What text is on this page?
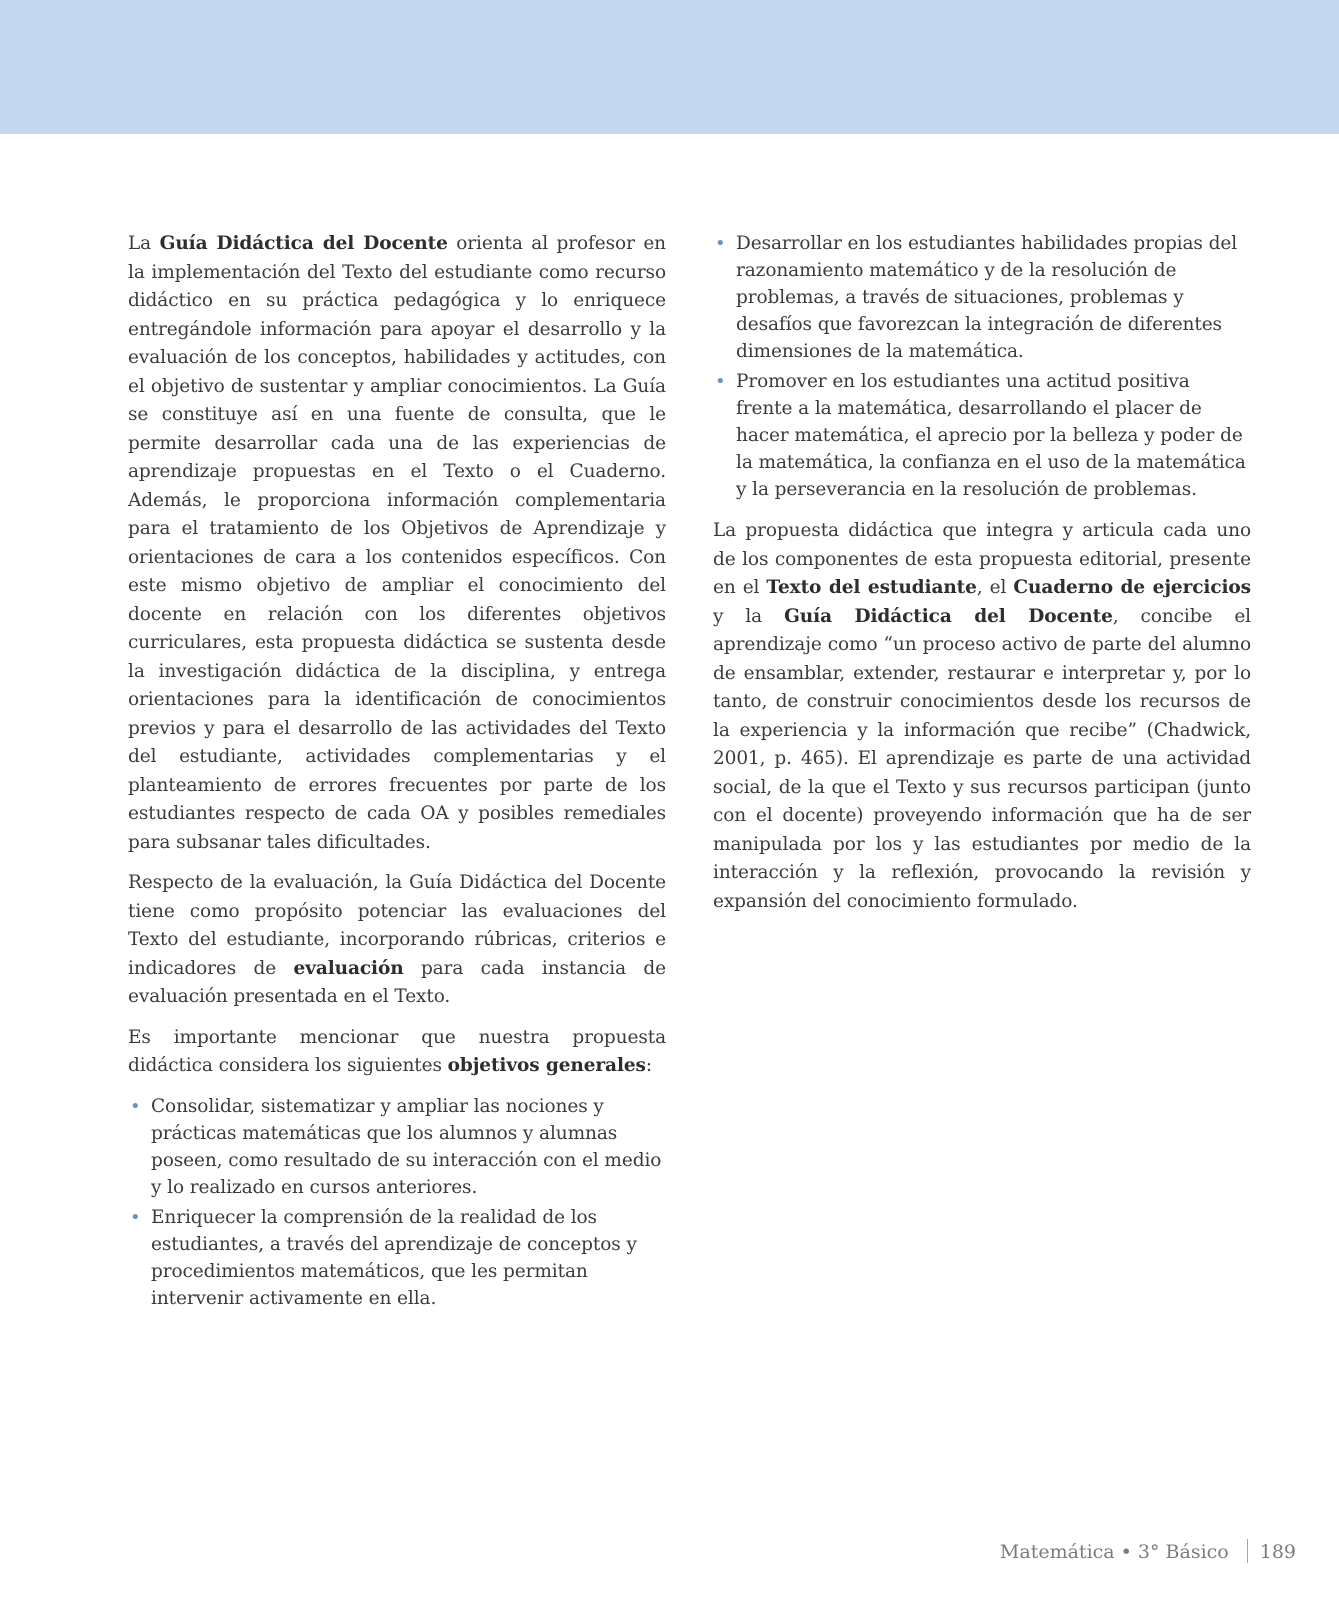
La Guía Didáctica del Docente orienta al profesor en la implementación del Texto del estudiante como recurso didáctico en su práctica pedagógica y lo enriquece entregándole información para apoyar el desarrollo y la evaluación de los conceptos, habilidades y actitudes, con el objetivo de sustentar y ampliar conocimientos. La Guía se constituye así en una fuente de consulta, que le permite desarrollar cada una de las experiencias de aprendizaje propuestas en el Texto o el Cuaderno. Además, le proporciona información complementaria para el tratamiento de los Objetivos de Aprendizaje y orientaciones de cara a los contenidos específicos. Con este mismo objetivo de ampliar el conocimiento del docente en relación con los diferentes objetivos curriculares, esta propuesta didáctica se sustenta desde la investigación didáctica de la disciplina, y entrega orientaciones para la identificación de conocimientos previos y para el desarrollo de las actividades del Texto del estudiante, actividades complementarias y el planteamiento de errores frecuentes por parte de los estudiantes respecto de cada OA y posibles remediales para subsanar tales dificultades.

Respecto de la evaluación, la Guía Didáctica del Docente tiene como propósito potenciar las evaluaciones del Texto del estudiante, incorporando rúbricas, criterios e indicadores de evaluación para cada instancia de evaluación presentada en el Texto.

Es importante mencionar que nuestra propuesta didáctica considera los siguientes objetivos generales:

• Consolidar, sistematizar y ampliar las nociones y prácticas matemáticas que los alumnos y alumnas poseen, como resultado de su interacción con el medio y lo realizado en cursos anteriores.
• Enriquecer la comprensión de la realidad de los estudiantes, a través del aprendizaje de conceptos y procedimientos matemáticos, que les permitan intervenir activamente en ella.
• Desarrollar en los estudiantes habilidades propias del razonamiento matemático y de la resolución de problemas, a través de situaciones, problemas y desafíos que favorezcan la integración de diferentes dimensiones de la matemática.
• Promover en los estudiantes una actitud positiva frente a la matemática, desarrollando el placer de hacer matemática, el aprecio por la belleza y poder de la matemática, la confianza en el uso de la matemática y la perseverancia en la resolución de problemas.

La propuesta didáctica que integra y articula cada uno de los componentes de esta propuesta editorial, presente en el Texto del estudiante, el Cuaderno de ejercicios y la Guía Didáctica del Docente, concibe el aprendizaje como “un proceso activo de parte del alumno de ensamblar, extender, restaurar e interpretar y, por lo tanto, de construir conocimientos desde los recursos de la experiencia y la información que recibe” (Chadwick, 2001, p. 465). El aprendizaje es parte de una actividad social, de la que el Texto y sus recursos participan (junto con el docente) proveyendo información que ha de ser manipulada por los y las estudiantes por medio de la interacción y la reflexión, provocando la revisión y expansión del conocimiento formulado.

Matemática • 3° Básico 189
